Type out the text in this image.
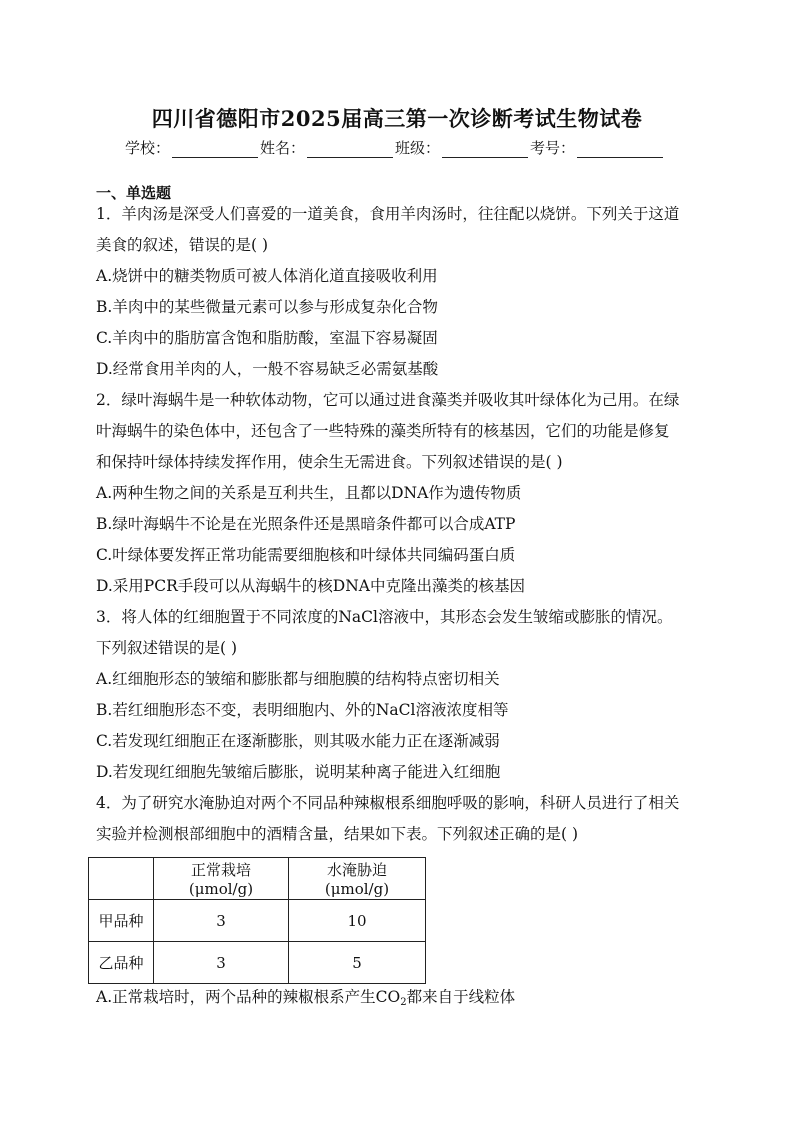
四川省德阳市2025届高三第一次诊断考试生物试卷
学校：	姓名：	班级：	考号：
一、单选题
1．羊肉汤是深受人们喜爱的一道美食，食用羊肉汤时，往往配以烧饼。下列关于这道
美食的叙述，错误的是( )
A.烧饼中的糖类物质可被人体消化道直接吸收利用
B.羊肉中的某些微量元素可以参与形成复杂化合物
C.羊肉中的脂肪富含饱和脂肪酸，室温下容易凝固
D.经常食用羊肉的人，一般不容易缺乏必需氨基酸
2．绿叶海蜗牛是一种软体动物，它可以通过进食藻类并吸收其叶绿体化为己用。在绿
叶海蜗牛的染色体中，还包含了一些特殊的藻类所特有的核基因，它们的功能是修复
和保持叶绿体持续发挥作用，使余生无需进食。下列叙述错误的是( )
A.两种生物之间的关系是互利共生，且都以DNA作为遗传物质
B.绿叶海蜗牛不论是在光照条件还是黑暗条件都可以合成ATP
C.叶绿体要发挥正常功能需要细胞核和叶绿体共同编码蛋白质
D.采用PCR手段可以从海蜗牛的核DNA中克隆出藻类的核基因
3．将人体的红细胞置于不同浓度的NaCl溶液中，其形态会发生皱缩或膨胀的情况。
下列叙述错误的是( )
A.红细胞形态的皱缩和膨胀都与细胞膜的结构特点密切相关
B.若红细胞形态不变，表明细胞内、外的NaCl溶液浓度相等
C.若发现红细胞正在逐渐膨胀，则其吸水能力正在逐渐减弱
D.若发现红细胞先皱缩后膨胀，说明某种离子能进入红细胞
4．为了研究水淹胁迫对两个不同品种辣椒根系细胞呼吸的影响，科研人员进行了相关
实验并检测根部细胞中的酒精含量，结果如下表。下列叙述正确的是( )
	正常栽培(μmol/g)	水淹胁迫(μmol/g)
甲品种	3	10
乙品种	3	5
A.正常栽培时，两个品种的辣椒根系产生$CO_2$都来自于线粒体
